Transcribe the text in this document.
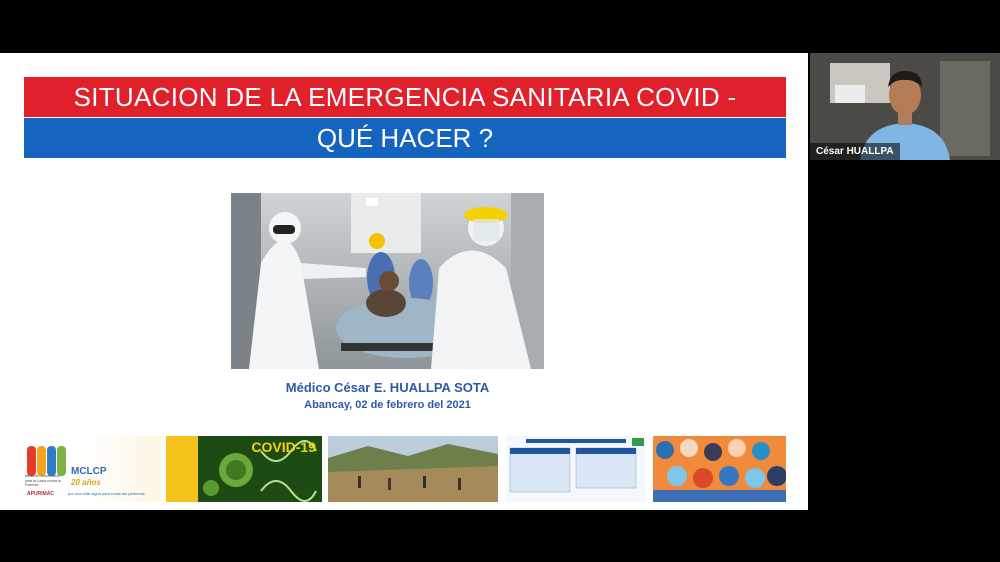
SITUACION DE LA EMERGENCIA SANITARIA COVID -
QUÉ HACER ?
Médico César E. HUALLPA SOTA
Abancay, 02 de febrero del 2021
Mesa de Concertación para la Lucha contra la Pobreza
APURIMAC
MCLCP
20 años
por una vida digna para todas las personas
COVID-19
César HUALLPA
